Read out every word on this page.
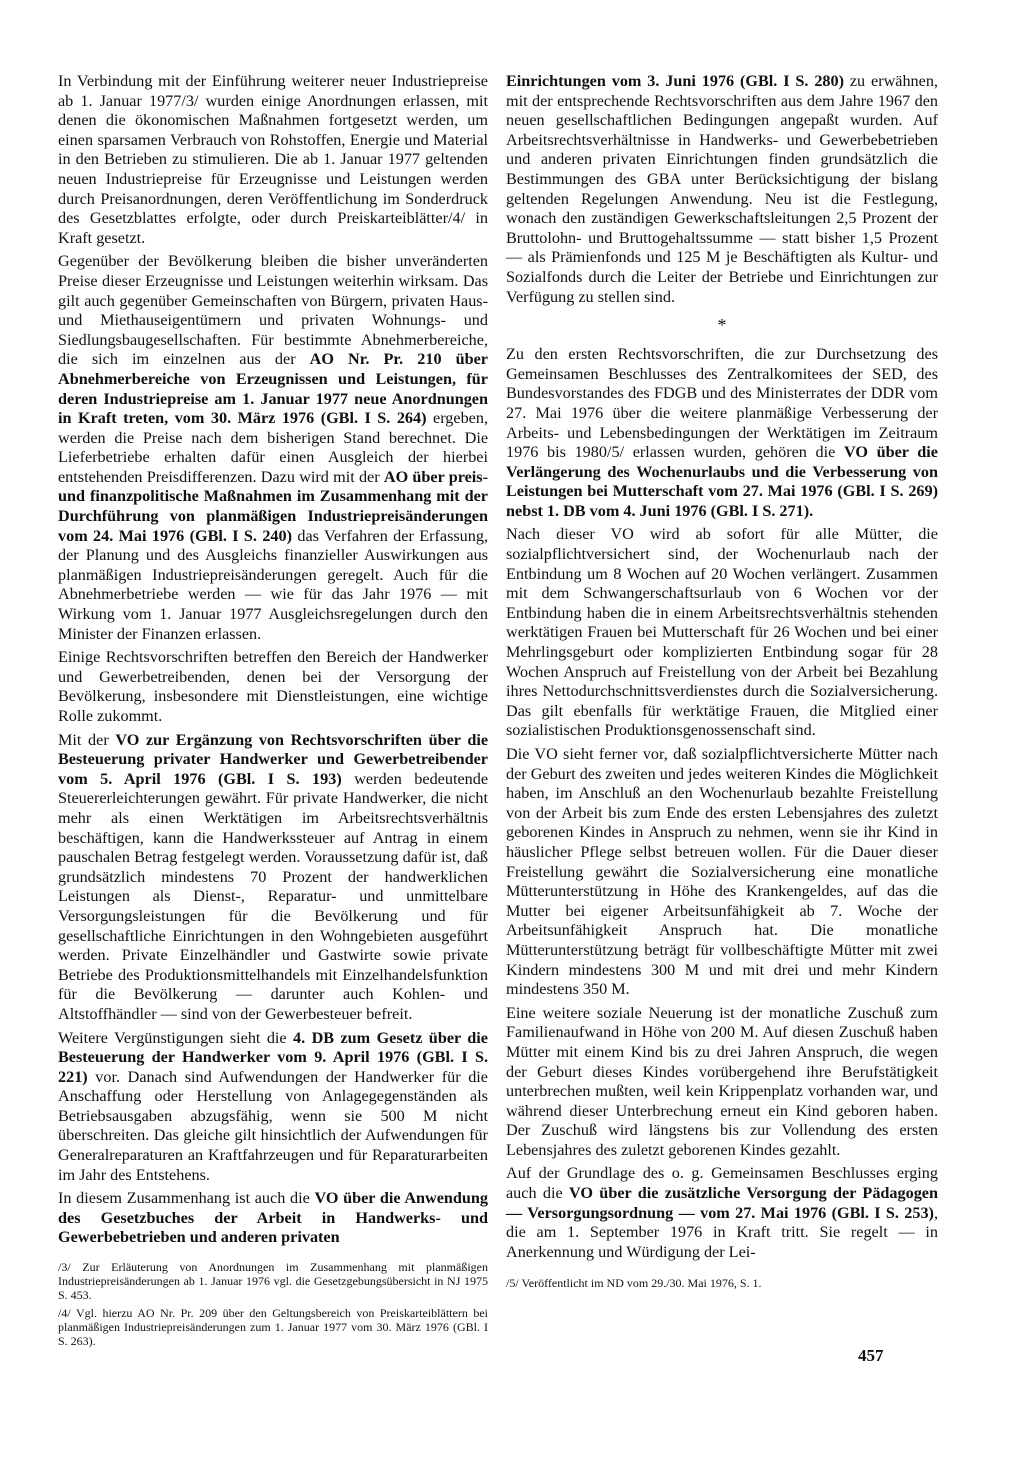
In Verbindung mit der Einführung weiterer neuer Industriepreise ab 1. Januar 1977/3/ wurden einige Anordnungen erlassen, mit denen die ökonomischen Maßnahmen fortgesetzt werden, um einen sparsamen Verbrauch von Rohstoffen, Energie und Material in den Betrieben zu stimulieren. Die ab 1. Januar 1977 geltenden neuen Industriepreise für Erzeugnisse und Leistungen werden durch Preisanordnungen, deren Veröffentlichung im Sonderdruck des Gesetzblattes erfolgte, oder durch Preiskarteiblätter/4/ in Kraft gesetzt.

Gegenüber der Bevölkerung bleiben die bisher unveränderten Preise dieser Erzeugnisse und Leistungen weiterhin wirksam. Das gilt auch gegenüber Gemeinschaften von Bürgern, privaten Haus- und Miethauseigentümern und privaten Wohnungs- und Siedlungsbaugesellschaften. Für bestimmte Abnehmerbereiche, die sich im einzelnen aus der AO Nr. Pr. 210 über Abnehmerbereiche von Erzeugnissen und Leistungen, für deren Industriepreise am 1. Januar 1977 neue Anordnungen in Kraft treten, vom 30. März 1976 (GBl. I S. 264) ergeben, werden die Preise nach dem bisherigen Stand berechnet. Die Lieferbetriebe erhalten dafür einen Ausgleich der hierbei entstehenden Preisdifferenzen. Dazu wird mit der AO über preis- und finanzpolitische Maßnahmen im Zusammenhang mit der Durchführung von planmäßigen Industriepreisänderungen vom 24. Mai 1976 (GBl. I S. 240) das Verfahren der Erfassung, der Planung und des Ausgleichs finanzieller Auswirkungen aus planmäßigen Industriepreisänderungen geregelt. Auch für die Abnehmerbetriebe werden — wie für das Jahr 1976 — mit Wirkung vom 1. Januar 1977 Ausgleichsregelungen durch den Minister der Finanzen erlassen.

Einige Rechtsvorschriften betreffen den Bereich der Handwerker und Gewerbetreibenden, denen bei der Versorgung der Bevölkerung, insbesondere mit Dienstleistungen, eine wichtige Rolle zukommt.

Mit der VO zur Ergänzung von Rechtsvorschriften über die Besteuerung privater Handwerker und Gewerbetreibender vom 5. April 1976 (GBl. I S. 193) werden bedeutende Steuererleichterungen gewährt. Für private Handwerker, die nicht mehr als einen Werktätigen im Arbeitsrechtsverhältnis beschäftigen, kann die Handwerkssteuer auf Antrag in einem pauschalen Betrag festgelegt werden. Voraussetzung dafür ist, daß grundsätzlich mindestens 70 Prozent der handwerklichen Leistungen als Dienst-, Reparatur- und unmittelbare Versorgungsleistungen für die Bevölkerung und für gesellschaftliche Einrichtungen in den Wohngebieten ausgeführt werden. Private Einzelhändler und Gastwirte sowie private Betriebe des Produktionsmittelhandels mit Einzelhandelsfunktion für die Bevölkerung — darunter auch Kohlen- und Altstoffhändler — sind von der Gewerbesteuer befreit.

Weitere Vergünstigungen sieht die 4. DB zum Gesetz über die Besteuerung der Handwerker vom 9. April 1976 (GBl. I S. 221) vor. Danach sind Aufwendungen der Handwerker für die Anschaffung oder Herstellung von Anlagegegenständen als Betriebsausgaben abzugsfähig, wenn sie 500 M nicht überschreiten. Das gleiche gilt hinsichtlich der Aufwendungen für Generalreparaturen an Kraftfahrzeugen und für Reparaturarbeiten im Jahr des Entstehens.

In diesem Zusammenhang ist auch die VO über die Anwendung des Gesetzbuches der Arbeit in Handwerks- und Gewerbebetrieben und anderen privaten

/3/ Zur Erläuterung von Anordnungen im Zusammenhang mit planmäßigen Industriepreisänderungen ab 1. Januar 1976 vgl. die Gesetzgebungsübersicht in NJ 1975 S. 453.

/4/ Vgl. hierzu AO Nr. Pr. 209 über den Geltungsbereich von Preiskarteiblättern bei planmäßigen Industriepreisänderungen zum 1. Januar 1977 vom 30. März 1976 (GBl. I S. 263).

Einrichtungen vom 3. Juni 1976 (GBl. I S. 280) zu erwähnen, mit der entsprechende Rechtsvorschriften aus dem Jahre 1967 den neuen gesellschaftlichen Bedingungen angepaßt wurden. Auf Arbeitsrechtsverhältnisse in Handwerks- und Gewerbebetrieben und anderen privaten Einrichtungen finden grundsätzlich die Bestimmungen des GBA unter Berücksichtigung der bislang geltenden Regelungen Anwendung. Neu ist die Festlegung, wonach den zuständigen Gewerkschaftsleitungen 2,5 Prozent der Bruttolohn- und Bruttogehaltssumme — statt bisher 1,5 Prozent — als Prämienfonds und 125 M je Beschäftigten als Kultur- und Sozialfonds durch die Leiter der Betriebe und Einrichtungen zur Verfügung zu stellen sind.

*

Zu den ersten Rechtsvorschriften, die zur Durchsetzung des Gemeinsamen Beschlusses des Zentralkomitees der SED, des Bundesvorstandes des FDGB und des Ministerrates der DDR vom 27. Mai 1976 über die weitere planmäßige Verbesserung der Arbeits- und Lebensbedingungen der Werktätigen im Zeitraum 1976 bis 1980/5/ erlassen wurden, gehören die VO über die Verlängerung des Wochenurlaubs und die Verbesserung von Leistungen bei Mutterschaft vom 27. Mai 1976 (GBl. I S. 269) nebst 1. DB vom 4. Juni 1976 (GBl. I S. 271).

Nach dieser VO wird ab sofort für alle Mütter, die sozialpflichtversichert sind, der Wochenurlaub nach der Entbindung um 8 Wochen auf 20 Wochen verlängert. Zusammen mit dem Schwangerschaftsurlaub von 6 Wochen vor der Entbindung haben die in einem Arbeitsrechtsverhältnis stehenden werktätigen Frauen bei Mutterschaft für 26 Wochen und bei einer Mehrlingsgeburt oder komplizierten Entbindung sogar für 28 Wochen Anspruch auf Freistellung von der Arbeit bei Bezahlung ihres Nettodurchschnittsverdienstes durch die Sozialversicherung. Das gilt ebenfalls für werktätige Frauen, die Mitglied einer sozialistischen Produktionsgenossenschaft sind.

Die VO sieht ferner vor, daß sozialpflichtversicherte Mütter nach der Geburt des zweiten und jedes weiteren Kindes die Möglichkeit haben, im Anschluß an den Wochenurlaub bezahlte Freistellung von der Arbeit bis zum Ende des ersten Lebensjahres des zuletzt geborenen Kindes in Anspruch zu nehmen, wenn sie ihr Kind in häuslicher Pflege selbst betreuen wollen. Für die Dauer dieser Freistellung gewährt die Sozialversicherung eine monatliche Mütterunterstützung in Höhe des Krankengeldes, auf das die Mutter bei eigener Arbeitsunfähigkeit ab 7. Woche der Arbeitsunfähigkeit Anspruch hat. Die monatliche Mütterunterstützung beträgt für vollbeschäftigte Mütter mit zwei Kindern mindestens 300 M und mit drei und mehr Kindern mindestens 350 M.

Eine weitere soziale Neuerung ist der monatliche Zuschuß zum Familienaufwand in Höhe von 200 M. Auf diesen Zuschuß haben Mütter mit einem Kind bis zu drei Jahren Anspruch, die wegen der Geburt dieses Kindes vorübergehend ihre Berufstätigkeit unterbrechen mußten, weil kein Krippenplatz vorhanden war, und während dieser Unterbrechung erneut ein Kind geboren haben. Der Zuschuß wird längstens bis zur Vollendung des ersten Lebensjahres des zuletzt geborenen Kindes gezahlt.

Auf der Grundlage des o. g. Gemeinsamen Beschlusses erging auch die VO über die zusätzliche Versorgung der Pädagogen — Versorgungsordnung — vom 27. Mai 1976 (GBl. I S. 253), die am 1. September 1976 in Kraft tritt. Sie regelt — in Anerkennung und Würdigung der Lei-

/5/ Veröffentlicht im ND vom 29./30. Mai 1976, S. 1.
457
